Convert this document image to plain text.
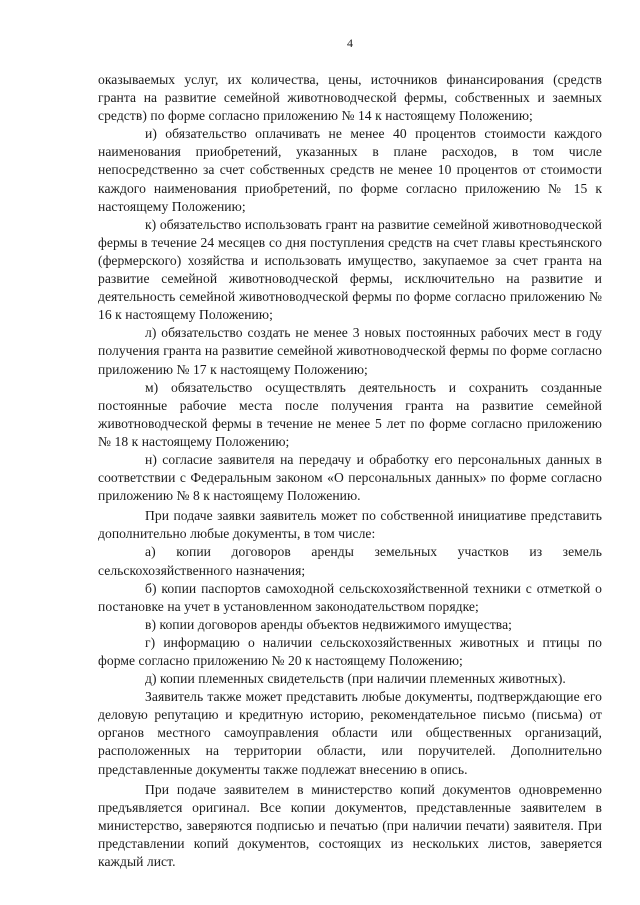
4

оказываемых услуг, их количества, цены, источников финансирования (средств гранта на развитие семейной животноводческой фермы, собственных и заемных средств) по форме согласно приложению № 14 к настоящему Положению;

и) обязательство оплачивать не менее 40 процентов стоимости каждого наименования приобретений, указанных в плане расходов, в том числе непосредственно за счет собственных средств не менее 10 процентов от стоимости каждого наименования приобретений, по форме согласно приложению № 15 к настоящему Положению;

к) обязательство использовать грант на развитие семейной животноводческой фермы в течение 24 месяцев со дня поступления средств на счет главы крестьянского (фермерского) хозяйства и использовать имущество, закупаемое за счет гранта на развитие семейной животноводческой фермы, исключительно на развитие и деятельность семейной животноводческой фермы по форме согласно приложению № 16 к настоящему Положению;

л) обязательство создать не менее 3 новых постоянных рабочих мест в году получения гранта на развитие семейной животноводческой фермы по форме согласно приложению № 17 к настоящему Положению;

м) обязательство осуществлять деятельность и сохранить созданные постоянные рабочие места после получения гранта на развитие семейной животноводческой фермы в течение не менее 5 лет по форме согласно приложению № 18 к настоящему Положению;

н) согласие заявителя на передачу и обработку его персональных данных в соответствии с Федеральным законом «О персональных данных» по форме согласно приложению № 8 к настоящему Положению.

При подаче заявки заявитель может по собственной инициативе представить дополнительно любые документы, в том числе:

а) копии договоров аренды земельных участков из земель сельскохозяйственного назначения;

б) копии паспортов самоходной сельскохозяйственной техники с отметкой о постановке на учет в установленном законодательством порядке;

в) копии договоров аренды объектов недвижимого имущества;

г) информацию о наличии сельскохозяйственных животных и птицы по форме согласно приложению № 20 к настоящему Положению;

д) копии племенных свидетельств (при наличии племенных животных).

Заявитель также может представить любые документы, подтверждающие его деловую репутацию и кредитную историю, рекомендательное письмо (письма) от органов местного самоуправления области или общественных организаций, расположенных на территории области, или поручителей. Дополнительно представленные документы также подлежат внесению в опись.

При подаче заявителем в министерство копий документов одновременно предъявляется оригинал. Все копии документов, представленные заявителем в министерство, заверяются подписью и печатью (при наличии печати) заявителя. При представлении копий документов, состоящих из нескольких листов, заверяется каждый лист.
